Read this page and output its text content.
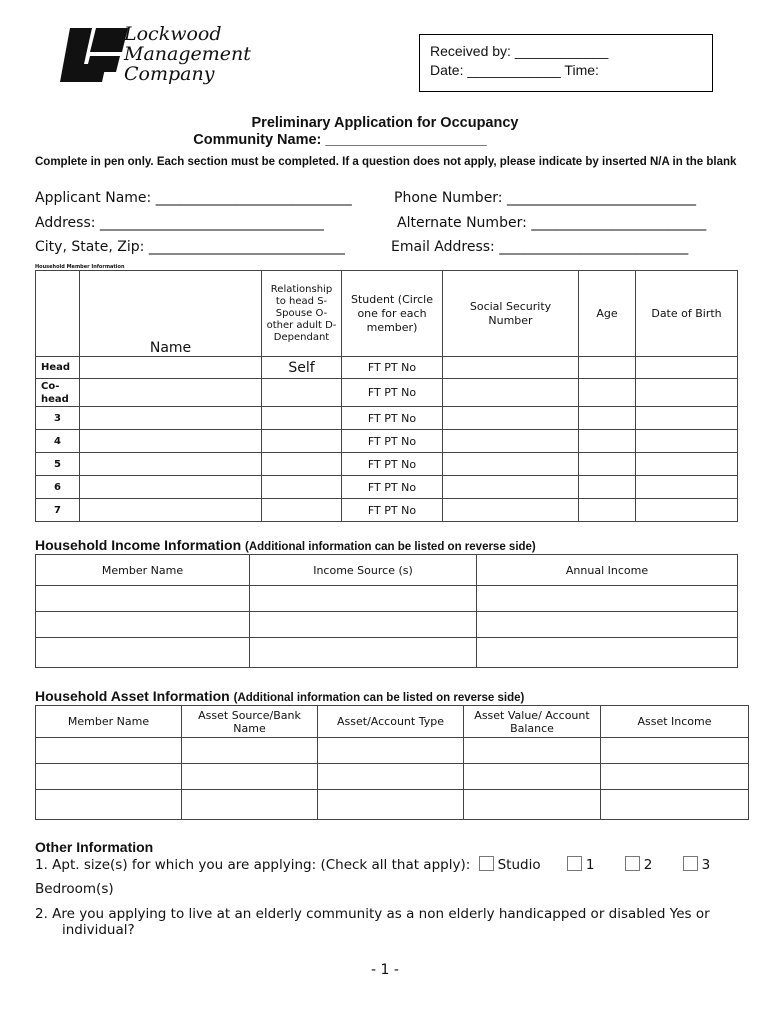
Lockwood
Management
Company
Received by: ____________
Date: ____________ Time:
Preliminary Application for Occupancy
Community Name: ____________________
Complete in pen only. Each section must be completed. If a question does not apply, please indicate by inserted N/A in the blank
Applicant Name: ____________________________	Phone Number: ___________________________
Address: ________________________________	Alternate Number: _________________________
City, State, Zip: ____________________________	Email Address: ___________________________
Household Member Information
	Name	Relationship to head S-Spouse O-other adult D-Dependant	Student (Circle one for each member)	Social Security Number	Age	Date of Birth
Head		Self	FT PT No			
Co-head			FT PT No			
3			FT PT No			
4			FT PT No			
5			FT PT No			
6			FT PT No			
7			FT PT No			
Household Income Information (Additional information can be listed on reverse side)
Member Name	Income Source (s)	Annual Income

Household Asset Information (Additional information can be listed on reverse side)
Member Name	Asset Source/Bank Name	Asset/Account Type	Asset Value/ Account Balance	Asset Income

Other Information
1. Apt. size(s) for which you are applying: (Check all that apply): Studio	1	2	3
Bedroom(s)
2. Are you applying to live at an elderly community as a non elderly handicapped or disabled Yes or
individual?
- 1 -
